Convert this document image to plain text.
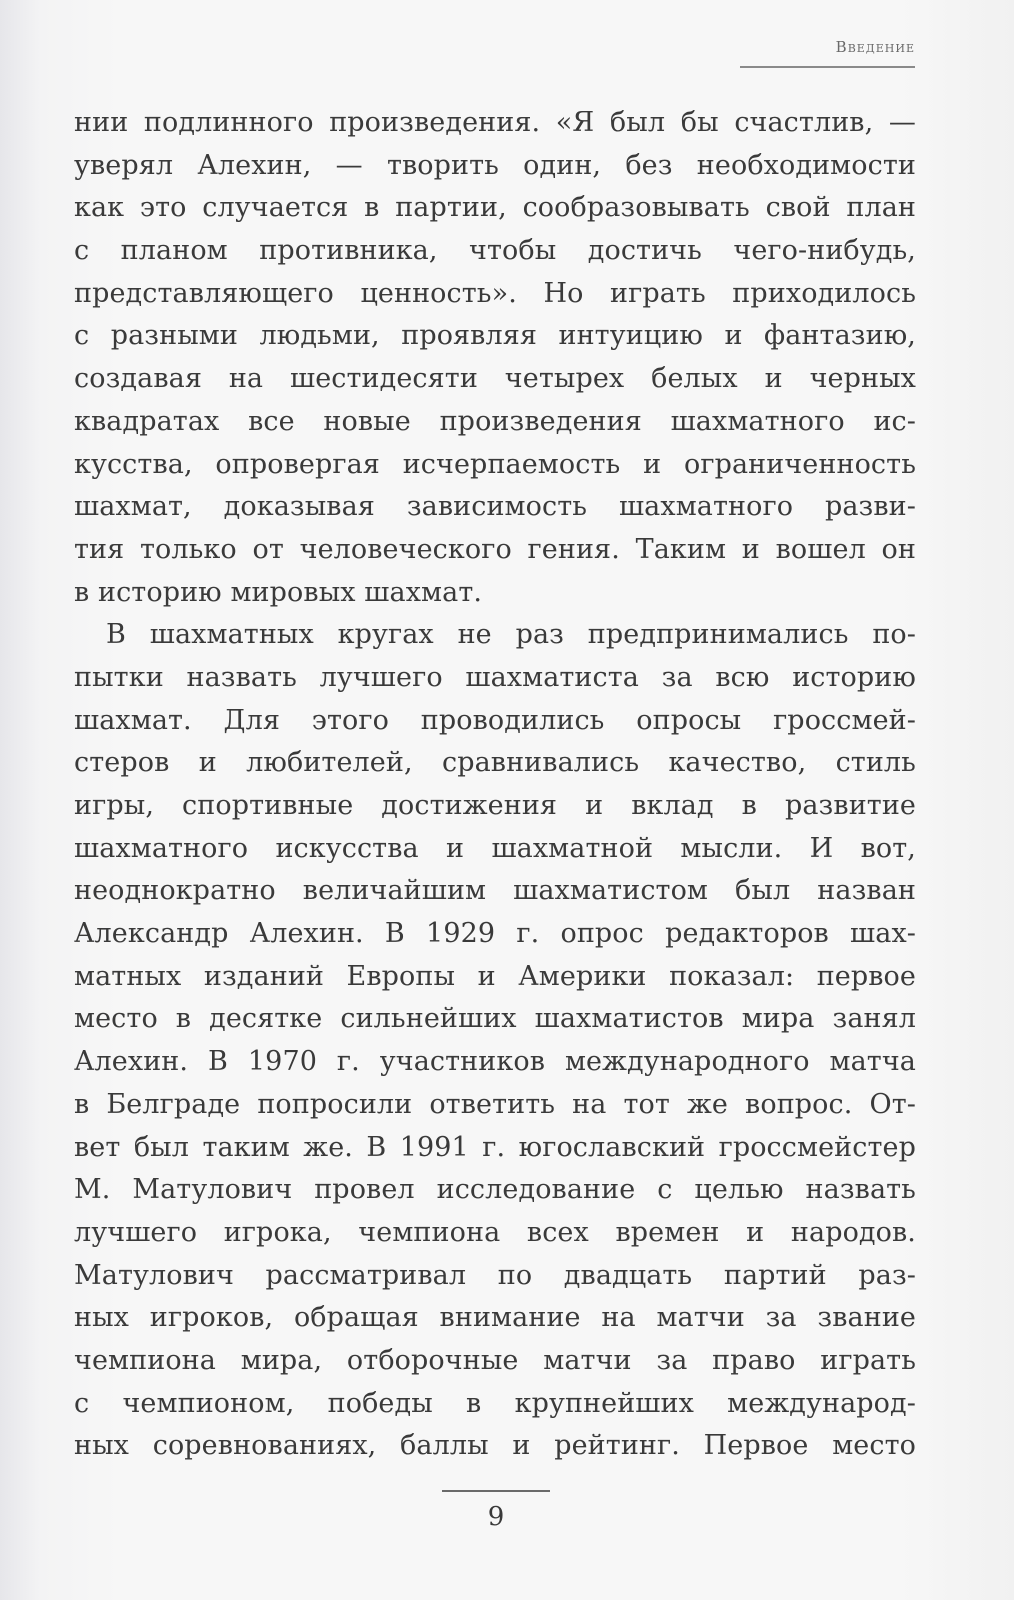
Введение
нии подлинного произведения. «Я был бы счастлив, —
уверял Алехин, — творить один, без необходимости
как это случается в партии, сообразовывать свой план
с планом противника, чтобы достичь чего-нибудь,
представляющего ценность». Но играть приходилось
с разными людьми, проявляя интуицию и фантазию,
создавая на шестидесяти четырех белых и черных
квадратах все новые произведения шахматного ис-
кусства, опровергая исчерпаемость и ограниченность
шахмат, доказывая зависимость шахматного разви-
тия только от человеческого гения. Таким и вошел он
в историю мировых шахмат.
В шахматных кругах не раз предпринимались по-
пытки назвать лучшего шахматиста за всю историю
шахмат. Для этого проводились опросы гроссмей-
стеров и любителей, сравнивались качество, стиль
игры, спортивные достижения и вклад в развитие
шахматного искусства и шахматной мысли. И вот,
неоднократно величайшим шахматистом был назван
Александр Алехин. В 1929 г. опрос редакторов шах-
матных изданий Европы и Америки показал: первое
место в десятке сильнейших шахматистов мира занял
Алехин. В 1970 г. участников международного матча
в Белграде попросили ответить на тот же вопрос. От-
вет был таким же. В 1991 г. югославский гроссмейстер
М. Матулович провел исследование с целью назвать
лучшего игрока, чемпиона всех времен и народов.
Матулович рассматривал по двадцать партий раз-
ных игроков, обращая внимание на матчи за звание
чемпиона мира, отборочные матчи за право играть
с чемпионом, победы в крупнейших международ-
ных соревнованиях, баллы и рейтинг. Первое место
9
